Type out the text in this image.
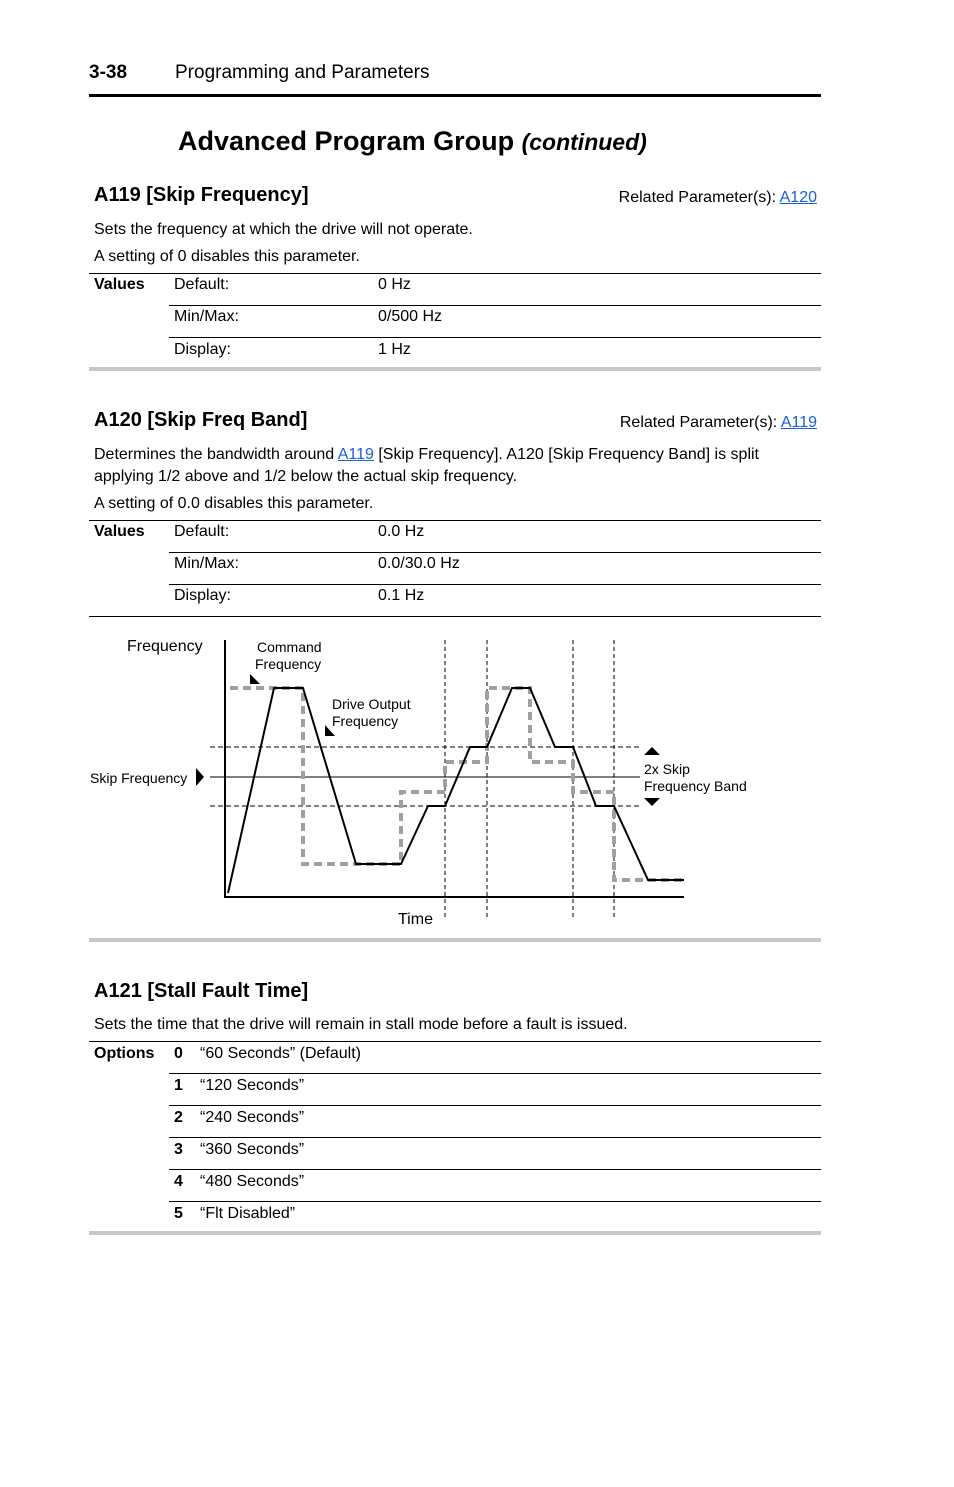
3-38	Programming and Parameters
Advanced Program Group (continued)
A119 [Skip Frequency]	Related Parameter(s): A120
Sets the frequency at which the drive will not operate.
A setting of 0 disables this parameter.
Values Default:	0 Hz
Min/Max:	0/500 Hz
Display:	1 Hz
A120 [Skip Freq Band]	Related Parameter(s): A119
Determines the bandwidth around A119 [Skip Frequency]. A120 [Skip Frequency Band] is split
applying 1/2 above and 1/2 below the actual skip frequency.
A setting of 0.0 disables this parameter.
Values Default:	0.0 Hz
Min/Max:	0.0/30.0 Hz
Display:	0.1 Hz
Frequency
Time
Command
Frequency
Drive Output
Frequency
Skip Frequency
2x Skip
Frequency Band
A121 [Stall Fault Time]
Sets the time that the drive will remain in stall mode before a fault is issued.
Options 0 “60 Seconds” (Default)
1 “120 Seconds”
2 “240 Seconds”
3 “360 Seconds”
4 “480 Seconds”
5 “Flt Disabled”
